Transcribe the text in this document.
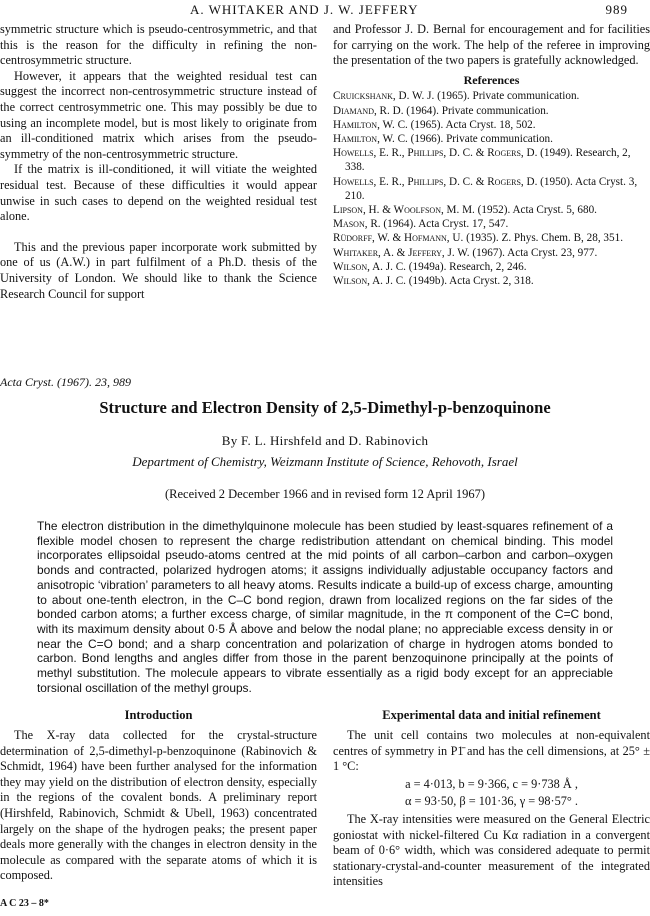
A. WHITAKER AND J. W. JEFFERY	989

symmetric structure which is pseudo-centrosymmetric, and that this is the reason for the difficulty in refining the non-centrosymmetric structure.

However, it appears that the weighted residual test can suggest the incorrect non-centrosymmetric structure instead of the correct centrosymmetric one. This may possibly be due to using an incomplete model, but is most likely to originate from an ill-conditioned matrix which arises from the pseudo-symmetry of the non-centrosymmetric structure.

If the matrix is ill-conditioned, it will vitiate the weighted residual test. Because of these difficulties it would appear unwise in such cases to depend on the weighted residual test alone.

This and the previous paper incorporate work submitted by one of us (A.W.) in part fulfilment of a Ph.D. thesis of the University of London. We should like to thank the Science Research Council for support

and Professor J. D. Bernal for encouragement and for facilities for carrying on the work. The help of the referee in improving the presentation of the two papers is gratefully acknowledged.

References
Cruickshank, D. W. J. (1965). Private communication.
Diamand, R. D. (1964). Private communication.
Hamilton, W. C. (1965). Acta Cryst. 18, 502.
Hamilton, W. C. (1966). Private communication.
Howells, E. R., Phillips, D. C. & Rogers, D. (1949). Research, 2, 338.
Howells, E. R., Phillips, D. C. & Rogers, D. (1950). Acta Cryst. 3, 210.
Lipson, H. & Woolfson, M. M. (1952). Acta Cryst. 5, 680.
Mason, R. (1964). Acta Cryst. 17, 547.
Rüdorff, W. & Hofmann, U. (1935). Z. Phys. Chem. B, 28, 351.
Whitaker, A. & Jeffery, J. W. (1967). Acta Cryst. 23, 977.
Wilson, A. J. C. (1949a). Research, 2, 246.
Wilson, A. J. C. (1949b). Acta Cryst. 2, 318.
Acta Cryst. (1967). 23, 989
Structure and Electron Density of 2,5-Dimethyl-p-benzoquinone
By F. L. Hirshfeld and D. Rabinovich
Department of Chemistry, Weizmann Institute of Science, Rehovoth, Israel
(Received 2 December 1966 and in revised form 12 April 1967)

The electron distribution in the dimethylquinone molecule has been studied by least-squares refinement of a flexible model chosen to represent the charge redistribution attendant on chemical binding. This model incorporates ellipsoidal pseudo-atoms centred at the mid points of all carbon–carbon and carbon–oxygen bonds and contracted, polarized hydrogen atoms; it assigns individually adjustable occupancy factors and anisotropic ‘vibration’ parameters to all heavy atoms. Results indicate a build-up of excess charge, amounting to about one-tenth electron, in the C–C bond region, drawn from localized regions on the far sides of the bonded carbon atoms; a further excess charge, of similar magnitude, in the π component of the C=C bond, with its maximum density about 0·5 Å above and below the nodal plane; no appreciable excess density in or near the C=O bond; and a sharp concentration and polarization of charge in hydrogen atoms bonded to carbon. Bond lengths and angles differ from those in the parent benzoquinone principally at the points of methyl substitution. The molecule appears to vibrate essentially as a rigid body except for an appreciable torsional oscillation of the methyl groups.

Introduction	Experimental data and initial refinement

The X-ray data collected for the crystal-structure determination of 2,5-dimethyl-p-benzoquinone (Rabinovich & Schmidt, 1964) have been further analysed for the information they may yield on the distribution of electron density, especially in the regions of the covalent bonds. A preliminary report (Hirshfeld, Rabinovich, Schmidt & Ubell, 1963) concentrated largely on the shape of the hydrogen peaks; the present paper deals more generally with the changes in electron density in the molecule as compared with the separate atoms of which it is composed.

The unit cell contains two molecules at non-equivalent centres of symmetry in P1̄ and has the cell dimensions, at 25° ± 1 °C:

a = 4·013, b = 9·366, c = 9·738 Å ,
α = 93·50, β = 101·36, γ = 98·57° .

The X-ray intensities were measured on the General Electric goniostat with nickel-filtered Cu Kα radiation in a convergent beam of 0·6° width, which was considered adequate to permit stationary-crystal-and-counter measurement of the integrated intensities

A C 23 – 8*
